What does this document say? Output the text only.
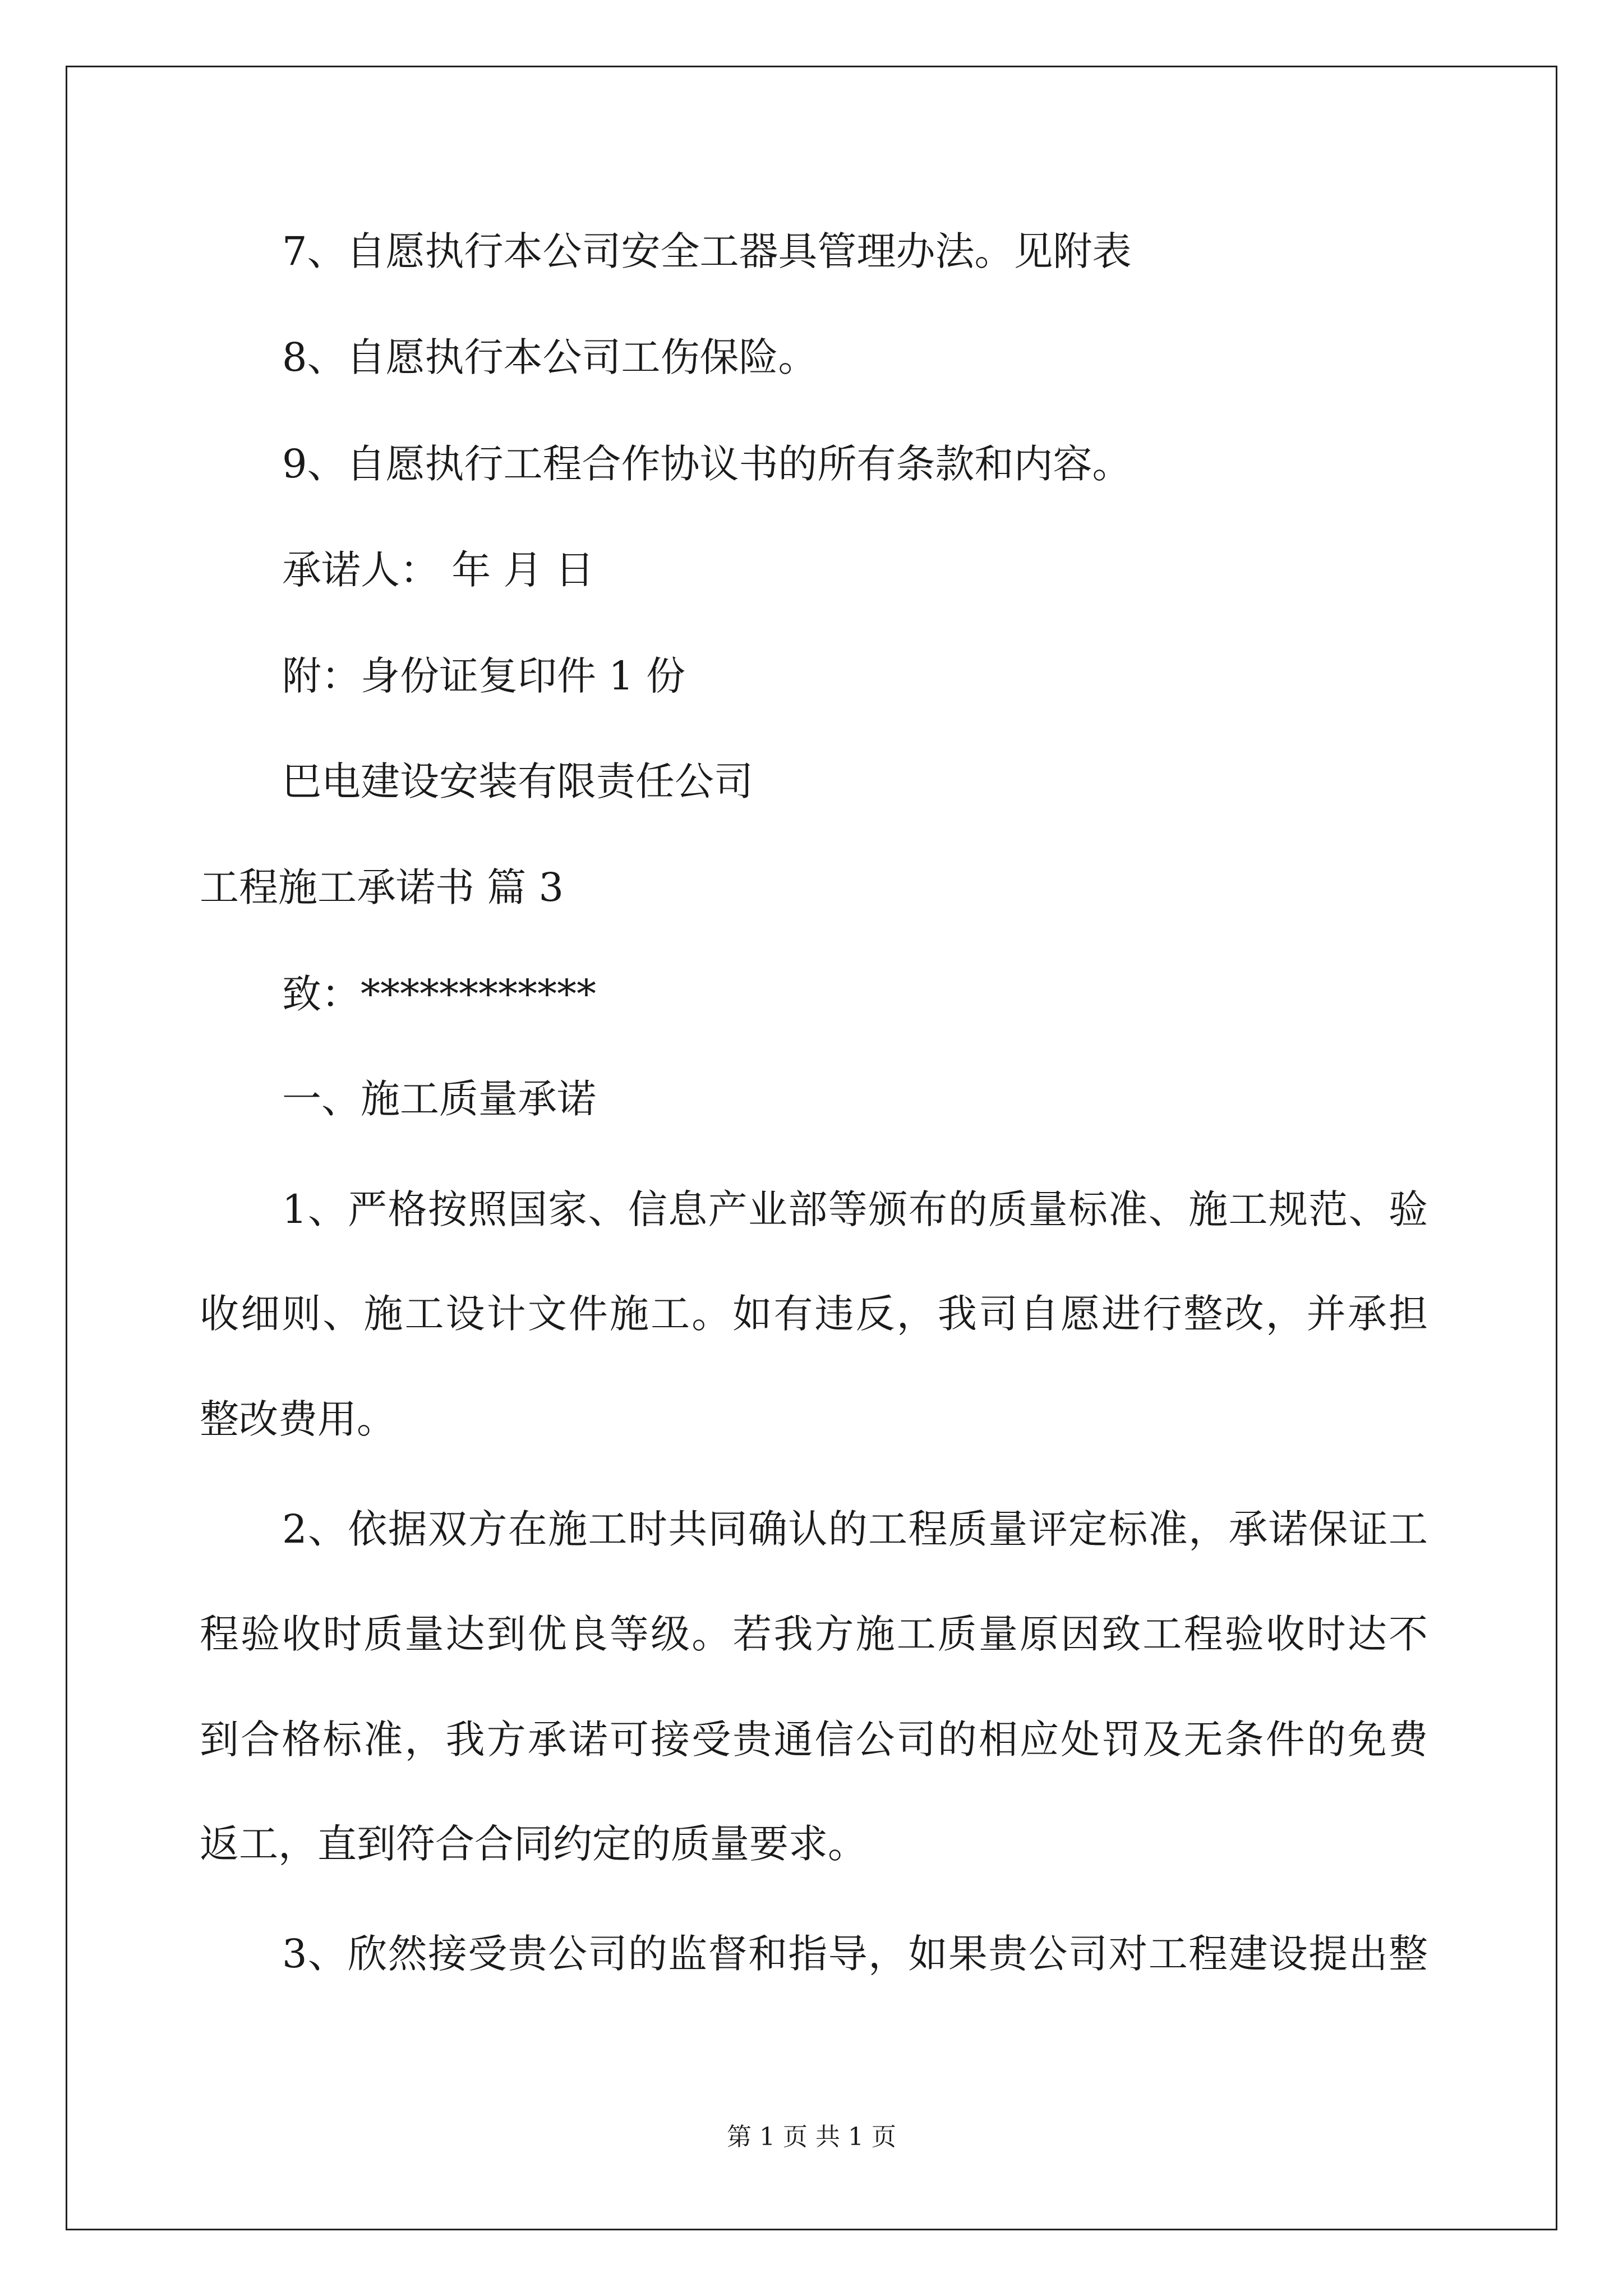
7、自愿执行本公司安全工器具管理办法。见附表
8、自愿执行本公司工伤保险。
9、自愿执行工程合作协议书的所有条款和内容。
承诺人： 年 月 日
附：身份证复印件 1 份
巴电建设安装有限责任公司
工程施工承诺书 篇 3
致：************
一、施工质量承诺
1、严格按照国家、信息产业部等颁布的质量标准、施工规范、验
收细则、施工设计文件施工。如有违反，我司自愿进行整改，并承担
整改费用。
2、依据双方在施工时共同确认的工程质量评定标准，承诺保证工
程验收时质量达到优良等级。若我方施工质量原因致工程验收时达不
到合格标准，我方承诺可接受贵通信公司的相应处罚及无条件的免费
返工，直到符合合同约定的质量要求。
3、欣然接受贵公司的监督和指导，如果贵公司对工程建设提出整
第 1 页 共 1 页
